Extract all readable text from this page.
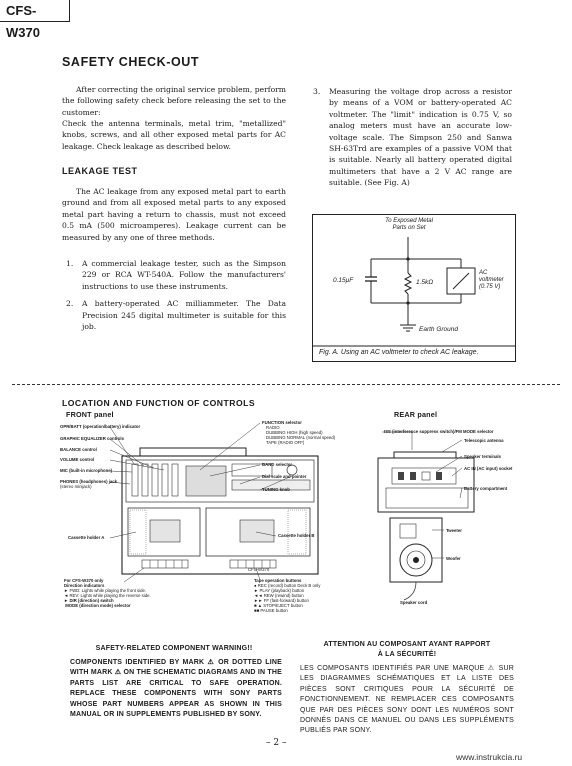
CFS-W370
SAFETY CHECK-OUT
After correcting the original service problem, perform the following safety check before releasing the set to the customer:
Check the antenna terminals, metal trim, "metallized" knobs, screws, and all other exposed metal parts for AC leakage. Check leakage as described below.
LEAKAGE TEST
The AC leakage from any exposed metal part to earth ground and from all exposed metal parts to any exposed metal part having a return to chassis, must not exceed 0.5 mA (500 microamperes). Leakage current can be measured by any one of three methods.
1. A commercial leakage tester, such as the Simpson 229 or RCA WT-540A. Follow the manufacturers' instructions to use these instruments.
2. A battery-operated AC milliammeter. The Data Precision 245 digital multimeter is suitable for this job.
3. Measuring the voltage drop across a resistor by means of a VOM or battery-operated AC voltmeter. The "limit" indication is 0.75 V, so analog meters must have an accurate low-voltage scale. The Simpson 250 and Sanwa SH-63Trd are examples of a passive VOM that is suitable. Nearly all battery operated digital multimeters that have a 2 V AC range are suitable. (See Fig. A)
To Exposed Metal
Parts on Set
0.15μF	1.5kΩ
AC
voltmeter
(0.75 V)
Earth Ground
Fig. A. Using an AC voltmeter to check AC leakage.
LOCATION AND FUNCTION OF CONTROLS
FRONT panel	REAR panel
OPR/BATT (operation/battery) indicator
GRAPHIC EQUALIZER controls
BALANCE control
VOLUME control
MIC (built-in microphone)
PHONES (headphones) jack
(stereo minijack)
Cassette holder A
FUNCTION selector
RADIO
DUBBING HIGH (high speed)
DUBBING NORMAL (normal speed)
TAPE (RADIO OFF)
BAND selector
Dial scale and pointer
TUNING knob
Cassette holder B
CFS-W370
For CFS-W370 only
Direction indicators
► FWD: Lights while playing the front side.
◄ REV: Lights while playing the reverse side.
► DIR (direction) switch
MODE (direction mode) selector
Tape operation buttons
● REC (record) button Deck B only
► PLAY (playback) button
◄◄ REW (rewind) button
►► FF (fast-forward) button
■ ▲ STOP/EJECT button
■■ PAUSE button
ISS (interference suppress switch)/FM MODE selector
Telescopic antenna
Speaker terminals
AC IN (AC input) socket
Battery compartment
Tweeter
Woofer
Speaker cord
SAFETY-RELATED COMPONENT WARNING!!
COMPONENTS IDENTIFIED BY MARK ⚠ OR DOTTED LINE WITH MARK ⚠ ON THE SCHEMATIC DIAGRAMS AND IN THE PARTS LIST ARE CRITICAL TO SAFE OPERATION. REPLACE THESE COMPONENTS WITH SONY PARTS WHOSE PART NUMBERS APPEAR AS SHOWN IN THIS MANUAL OR IN SUPPLEMENTS PUBLISHED BY SONY.
ATTENTION AU COMPOSANT AYANT RAPPORT
À LA SÉCURITÉ!
LES COMPOSANTS IDENTIFIÉS PAR UNE MARQUE ⚠ SUR LES DIAGRAMMES SCHÉMATIQUES ET LA LISTE DES PIÈCES SONT CRITIQUES POUR LA SÉCURITÉ DE FONCTIONNEMENT. NE REMPLACER CES COMPOSANTS QUE PAR DES PIÈCES SONY DONT LES NUMÉROS SONT DONNÉS DANS CE MANUEL OU DANS LES SUPPLÉMENTS PUBLIÉS PAR SONY.
– 2 –
www.instrukcia.ru
